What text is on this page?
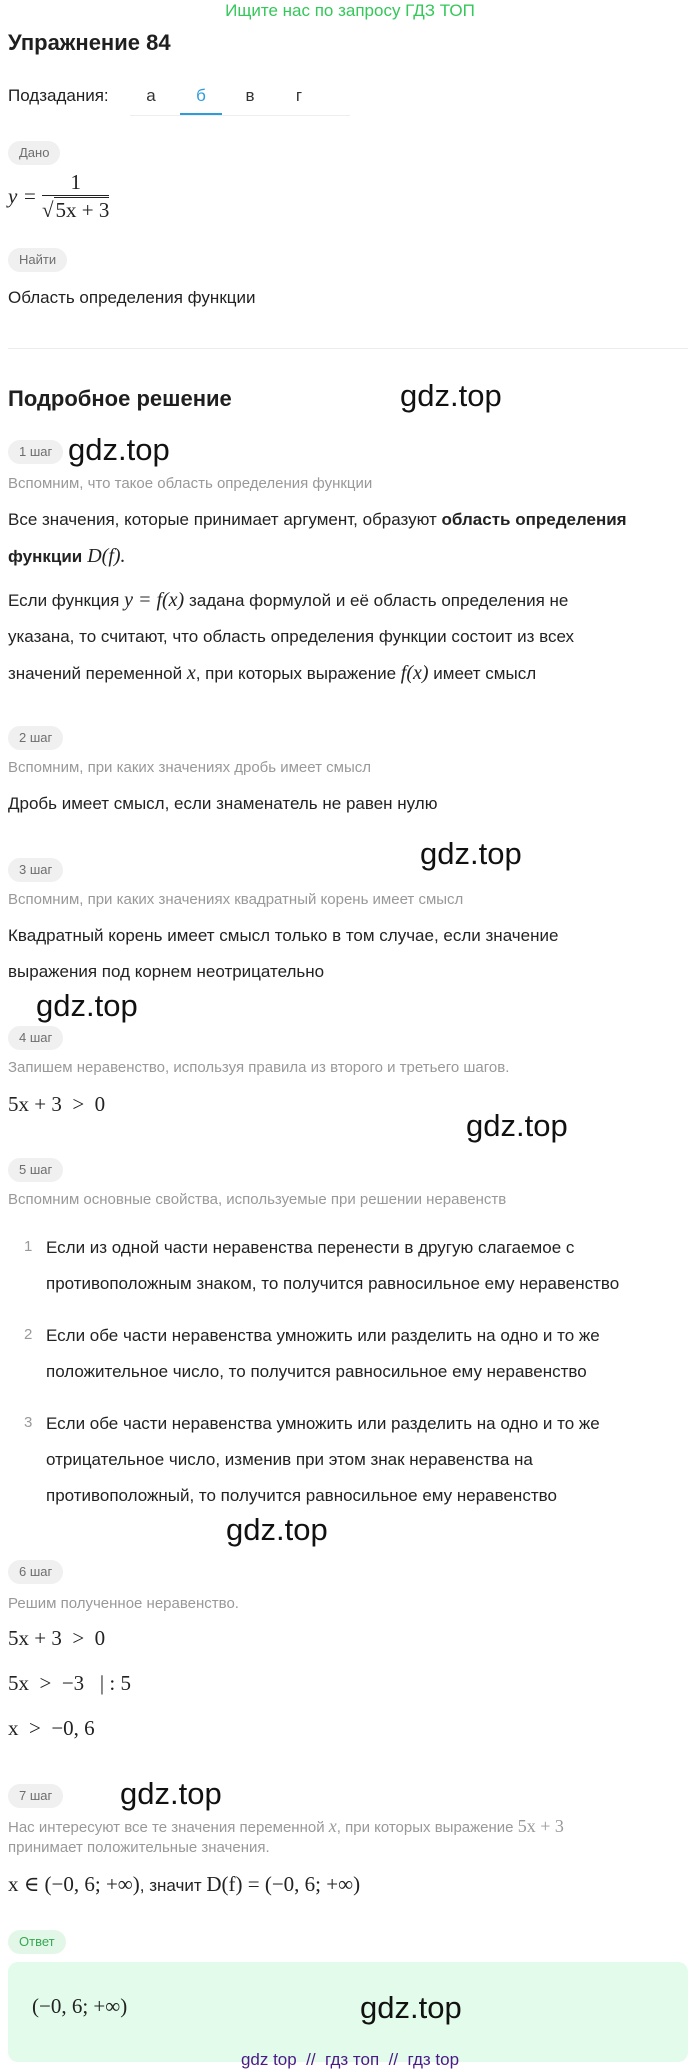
Ищите нас по запросу ГДЗ ТОП
Упражнение 84
Подзадания:	а	б	в	г
Дано
$y = \frac{1}{√5x + 3}$
Найти
Область определения функции
Подробное решение	gdz.top
1 шаг gdz.top
Вспомним, что такое область определения функции
Все значения, которые принимает аргумент, образуют область определения
функции D(f).
Если функция y = f(x) задана формулой и её область определения не
указана, то считают, что область определения функции состоит из всех
значений переменной x, при которых выражение f(x) имеет смысл
2 шаг
Вспомним, при каких значениях дробь имеет смысл
Дробь имеет смысл, если знаменатель не равен нулю
gdz.top
3 шаг
Вспомним, при каких значениях квадратный корень имеет смысл
Квадратный корень имеет смысл только в том случае, если значение
выражения под корнем неотрицательно
gdz.top
4 шаг
Запишем неравенство, используя правила из второго и третьего шагов.
5x + 3  >  0
gdz.top
5 шаг
Вспомним основные свойства, используемые при решении неравенств
1 Если из одной части неравенства перенести в другую слагаемое с
противоположным знаком, то получится равносильное ему неравенство
2 Если обе части неравенства умножить или разделить на одно и то же
положительное число, то получится равносильное ему неравенство
3 Если обе части неравенства умножить или разделить на одно и то же
отрицательное число, изменив при этом знак неравенства на
противоположный, то получится равносильное ему неравенство
gdz.top
6 шаг
Решим полученное неравенство.
5x + 3  >  0
5x  >  −3   | : 5
x  >  −0, 6
7 шаг	gdz.top
Нас интересуют все те значения переменной x, при которых выражение 5x + 3
принимает положительные значения.
x ∈ (−0, 6; +∞), значит D(f) = (−0, 6; +∞)
Ответ
(−0, 6; +∞)	gdz.top
gdz top  //  гдз топ  //  гдз top
